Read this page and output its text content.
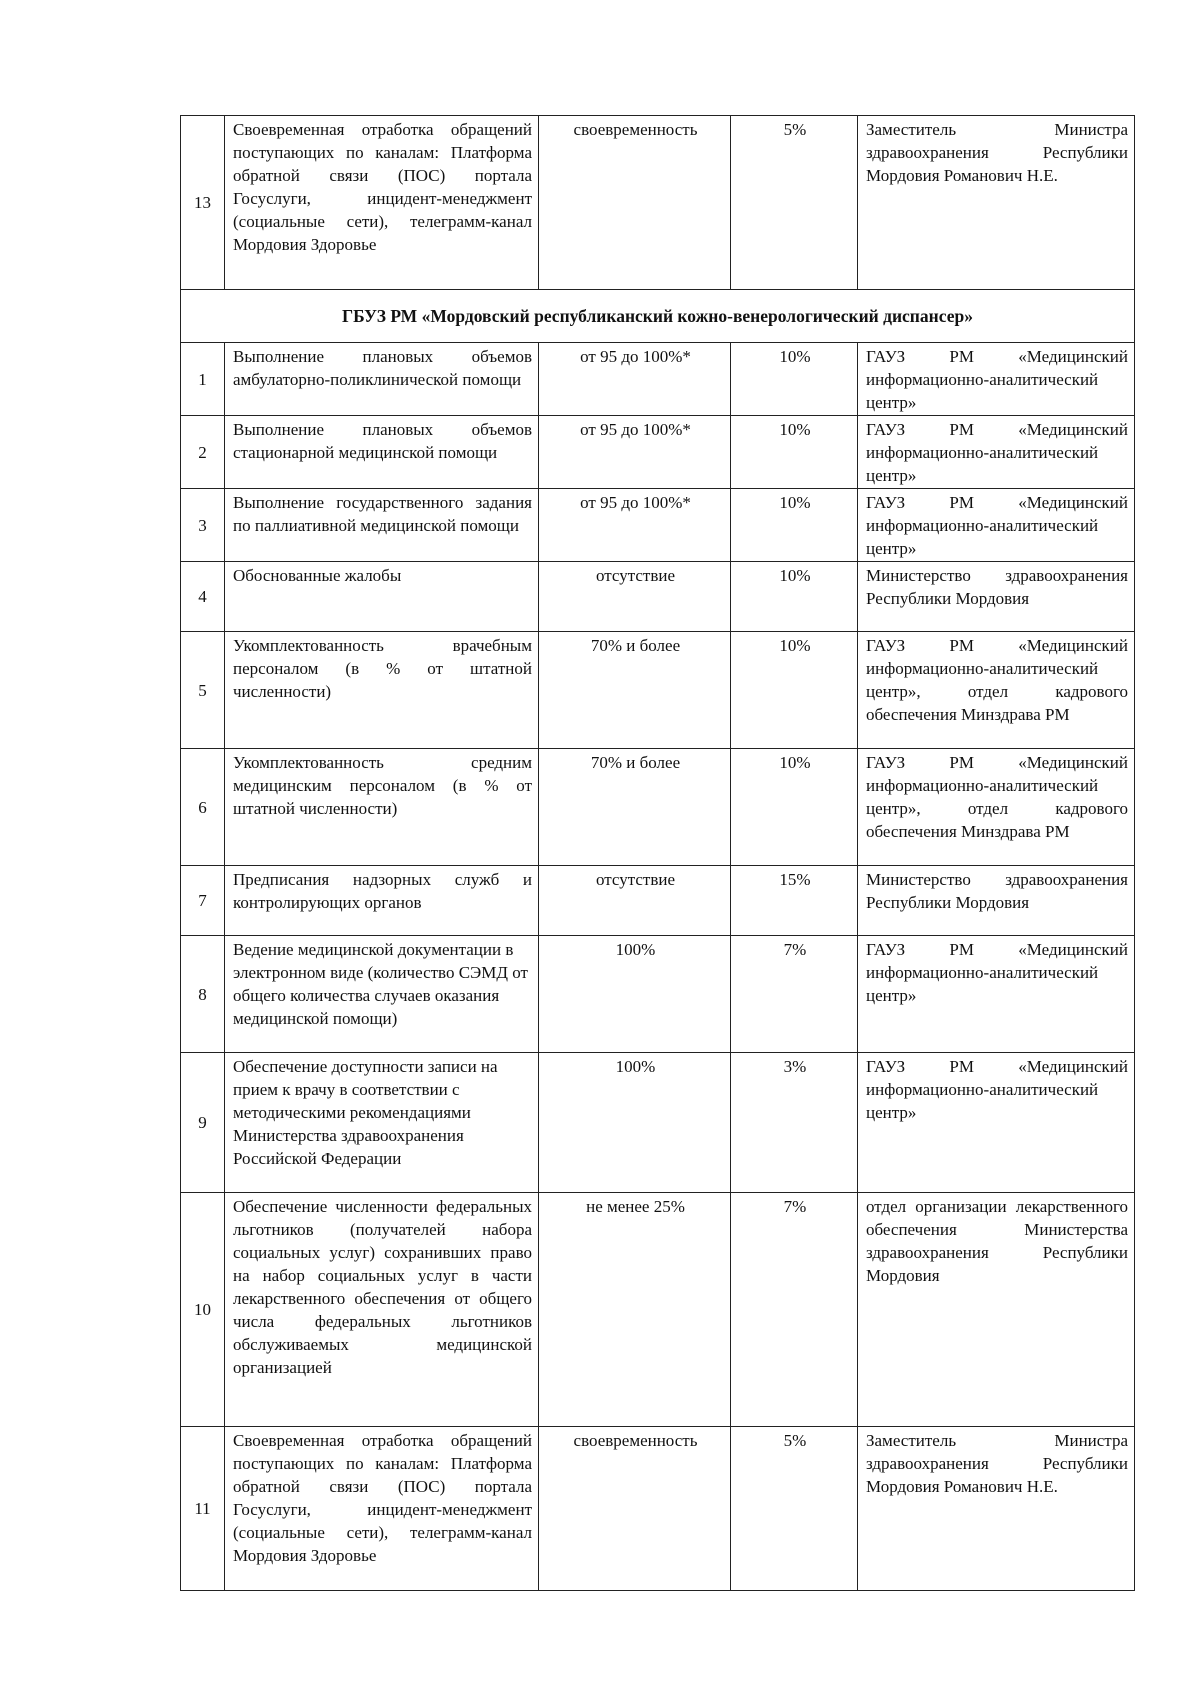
13	Своевременная отработка обращений поступающих по каналам: Платформа обратной связи (ПОС) портала Госуслуги, инцидент-менеджмент (социальные сети), телеграмм-канал Мордовия Здоровье	своевременность	5%	Заместитель Министра здравоохранения Республики Мордовия Романович Н.Е.
ГБУЗ РМ «Мордовский республиканский кожно-венерологический диспансер»				
1	Выполнение плановых объемов амбулаторно-поликлинической помощи	от 95 до 100%*	10%	ГАУЗ РМ «Медицинский информационно-аналитический центр»
2	Выполнение плановых объемов стационарной медицинской помощи	от 95 до 100%*	10%	ГАУЗ РМ «Медицинский информационно-аналитический центр»
3	Выполнение государственного задания по паллиативной медицинской помощи	от 95 до 100%*	10%	ГАУЗ РМ «Медицинский информационно-аналитический центр»
4	Обоснованные жалобы	отсутствие	10%	Министерство здравоохранения Республики Мордовия
5	Укомплектованность врачебным персоналом (в % от штатной численности)	70% и более	10%	ГАУЗ РМ «Медицинский информационно-аналитический центр», отдел кадрового обеспечения Минздрава РМ
6	Укомплектованность средним медицинским персоналом (в % от штатной численности)	70% и более	10%	ГАУЗ РМ «Медицинский информационно-аналитический центр», отдел кадрового обеспечения Минздрава РМ
7	Предписания надзорных служб и контролирующих органов	отсутствие	15%	Министерство здравоохранения Республики Мордовия
8	Ведение медицинской документации в электронном виде (количество СЭМД от общего количества случаев оказания медицинской помощи)	100%	7%	ГАУЗ РМ «Медицинский информационно-аналитический центр»
9	Обеспечение доступности записи на прием к врачу в соответствии с методическими рекомендациями Министерства здравоохранения Российской Федерации	100%	3%	ГАУЗ РМ «Медицинский информационно-аналитический центр»
10	Обеспечение численности федеральных льготников (получателей набора социальных услуг) сохранивших право на набор социальных услуг в части лекарственного обеспечения от общего числа федеральных льготников обслуживаемых медицинской организацией	не менее 25%	7%	отдел организации лекарственного обеспечения Министерства здравоохранения Республики Мордовия
11	Своевременная отработка обращений поступающих по каналам: Платформа обратной связи (ПОС) портала Госуслуги, инцидент-менеджмент (социальные сети), телеграмм-канал Мордовия Здоровье	своевременность	5%	Заместитель Министра здравоохранения Республики Мордовия Романович Н.Е.
